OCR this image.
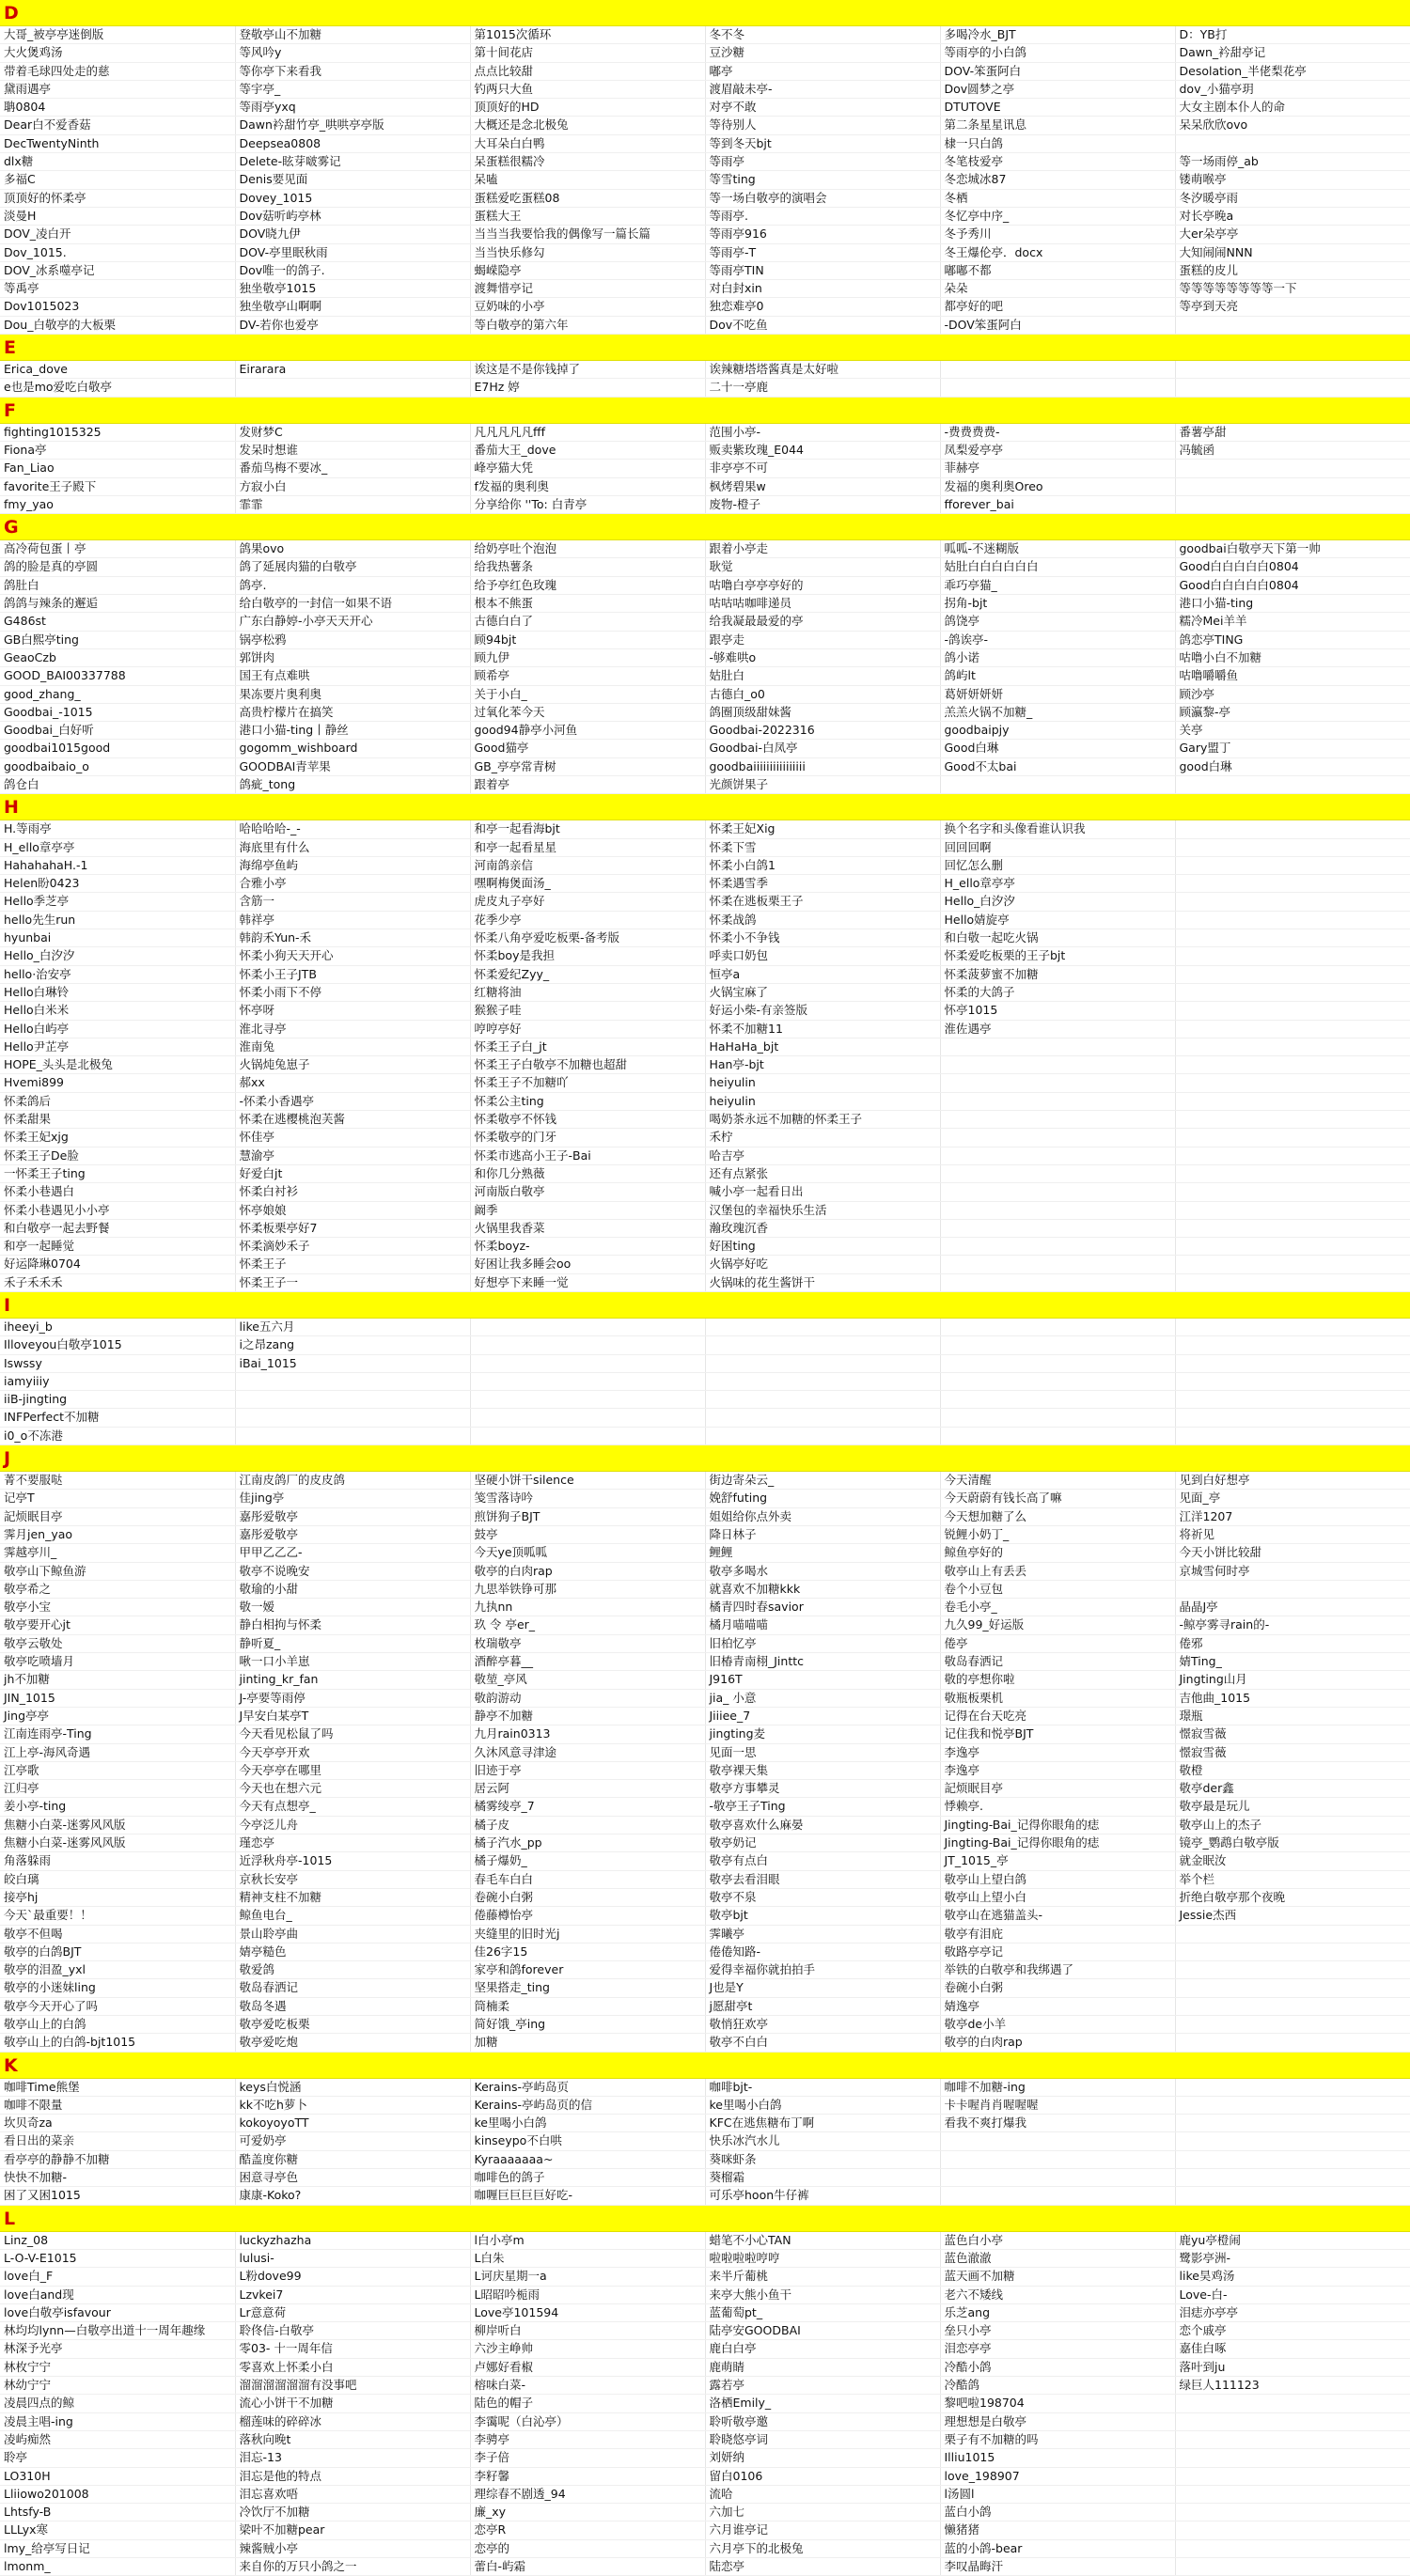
D
大哥_被亭亭迷倒版	登敬亭山不加糖	第1015次循环	冬不冬	多喝冷水_BJT	D：YB打
大火煲鸡汤	等风吟y	第十间花店	豆沙糖	等雨亭的小白鸽	Dawn_衿甜亭记
带着毛球四处走的慈	等你亭下来看我	点点比较甜	嘟亭	DOV-笨蛋阿白	Desolation_半佬梨花亭
黛雨遇亭	等宇亭_	钓两只大鱼	渡眉敲未亭-	Dov圆梦之亭	dov_小猫亭玥
聃0804	等雨亭yxq	顶顶好的HD	对亭不敢	DTUTOVE	大女主剧本仆人的命
Dear白不爱香菇	Dawn衿甜竹亭_哄哄亭亭版	大概还是念北极兔	等待别人	第二条星星讯息	呆呆欣欣ovo
DecTwentyNinth	Deepsea0808	大耳朵白白鸭	等到冬天bjt	棣一只白鸽	
dlx糖	Delete-眩芽啵雾记	呆蛋糕很糯冷	等雨亭	冬笔枝爱亭	等一场雨停_ab
多福C	Denis要见面	呆嗑	等雪ting	冬恋城冰87	镂萌喉亭
顶顶好的怀柔亭	Dovey_1015	蛋糕爱吃蛋糕08	等一场白敬亭的演唱会	冬栖	冬汐暖亭雨
淡曼H	Dov菇听屿亭林	蛋糕大王	等雨亭.	冬忆亭中序_	对长亭晚a
DOV_凌白开	DOV晓九伊	当当当我要恰我的偶像写一篇长篇	等雨亭916	冬予秀川	大er朵亭亭
Dov_1015.	DOV-亭里眠秋雨	当当快乐修勾	等雨亭-T	冬王爆伦亭．docx	大知闹闹NNN
DOV_冰系噬亭记	Dov唯一的鸽子.	蝎嵘隐亭	等雨亭TIN	嘟嘟不都	蛋糕的皮儿
等禹亭	独坐敬亭1015	渡舞惜亭记	对白封xin	朵朵	等等等等等等等等一下
Dov1015023	独坐敬亭山啊啊	豆奶味的小亭	独恋难亭0	都亭好的吧	等亭到天亮
Dou_白敬亭的大板栗	DV-若你也爱亭	等白敬亭的第六年	Dov不吃鱼	-DOV笨蛋阿白	
E
Erica_dove	Eirarara	诶这是不是你钱掉了	诶辣糖塔塔酱真是太好啦		
e也是mo爱吃白敬亭		E7Hz 婷	二十一亭鹿		
F
fighting1015325	发财梦C	凡凡凡凡凡fff	范围小亭-	-费费费费-	番薯亭甜
Fiona亭	发呆时想谁	番茄大王_dove	贩卖紫玫瑰_E044	凤梨爱亭亭	冯毓函
Fan_Liao	番茄鸟梅不要冰_	峰亭猫大凭	非亭亭不可	菲赫亭	
favorite王子殿下	方寂小白	f发福的奥利奥	枫烤碧果w	发福的奥利奥Oreo	
fmy_yao	霏霏	分享给你 ''To: 白青亭	废物-橙子	fforever_bai	
G
高冷荷包蛋丨亭	鸽果ovo	给奶亭吐个泡泡	跟着小亭走	呱呱-不迷糊版	goodbai白敬亭天下第一帅
鸽的脸是真的亭圆	鸽了延展肉猫的白敬亭	给我热薯条	耿觉	姑肚白白白白白白	Good白白白白白0804
鸽肚白	鸽亭.	给予亭红色玫瑰	咕噜白亭亭亭好的	乖巧亭猫_	Good白白白白白0804
鸽鸽与辣条的邂逅	给白敬亭的一封信一如果不语	根本不熊蛋	咕咕咕咖啡递员	拐角-bjt	港口小猫-ting
G486st	广东白静婷-小亭天天开心	古德白白了	给我凝最最爱的亭	鸽饶亭	糯冷Mei羊羊
GB白熙亭ting	锅亭松鸦	顾94bjt	跟亭走	-鸽诶亭-	鸽恋亭TING
GeaoCzb	郭饼肉	顾九伊	-够难哄o	鸽小诺	咕噜小白不加糖
GOOD_BAI00337788	国王有点难哄	顾希亭	姑肚白	鸽屿lt	咕噜嚼嚼鱼
good_zhang_	果冻要片奥利奥	关于小白_	古德白_o0	葛妍妍妍妍	顾沙亭
Goodbai_-1015	高贵柠檬片在搞笑	过氧化苯今天	鸽圈顶级甜妹酱	羔羔火锅不加糖_	顾瀛黎-亭
Goodbai_白好听	港口小猫-ting丨静丝	good94静亭小河鱼	Goodbai-2022316	goodbaipjy	关亭
goodbai1015good	gogomm_wishboard	Good猫亭	Goodbai-白凤亭	Good白琳	Gary盟丁
goodbaibaio_o	GOODBAI青苹果	GB_亭亭常青树	goodbaiiiiiiiiiiiiiiii	Good不太bai	good白琳
鸽仓白	鸽疵_tong	跟着亭	光颜饼果子		
H
H.等雨亭	哈哈哈哈-_-	和亭一起看海bjt	怀柔王妃Xig	换个名字和头像看谁认识我	
H_ello章亭亭	海底里有什么	和亭一起看星星	怀柔下雪	回回回啊	
HahahahaH.-1	海绵亭鱼屿	河南鸽亲信	怀柔小白鸽1	回忆怎么删	
Helen盼0423	合雅小亭	嘿啊梅煲面汤_	怀柔遇雪季	H_ello章亭亭	
Hello季芝亭	含筋一	虎皮丸子亭好	怀柔在逃板栗王子	Hello_白汐汐	
hello先生run	韩祥亭	花季少亭	怀柔战鸽	Hello婧旋亭	
hyunbai	韩韵禾Yun-禾	怀柔八角亭爱吃板栗-备考版	怀柔小不争钱	和白敬一起吃火锅	
Hello_白汐汐	怀柔小狗天天开心	怀柔boy是我担	呼卖口奶包	怀柔爱吃板栗的王子bjt	
hello·治安亭	怀柔小王子JTB	怀柔爱纪Zyy_	恒亭a	怀柔菠萝蜜不加糖	
Hello白琳铃	怀柔小雨下不停	红糖将油	火锅宝麻了	怀柔的大鸽子	
Hello白米米	怀亭呀	猴猴子哇	好运小柴-有亲签版	怀亭1015	
Hello白屿亭	淮北寻亭	哼哼亭好	怀柔不加糖11	淮佐遇亭	
Hello尹芷亭	淮南兔	怀柔王子白_jt	HaHaHa_bjt		
HOPE_头头是北极兔	火锅炖兔崽子	怀柔王子白敬亭不加糖也超甜	Han亭-bjt		
Hvemi899	郝xx	怀柔王子不加糖吖	heiyulin		
怀柔鸽后	-怀柔小香遇亭	怀柔公主ting	heiyulin		
怀柔甜果	怀柔在逃樱桃泡芙酱	怀柔敬亭不怀钱	喝奶茶永远不加糖的怀柔王子		
怀柔王妃xjg	怀佳亭	怀柔敬亭的门牙	禾柠		
怀柔王子De脸	慧渝亭	怀柔市逃高小王子-Bai	哈吉亭		
一怀柔王子ting	好爱白jt	和你几分熟薇	还有点紧张		
怀柔小巷遇白	怀柔白衬衫	河南版白敬亭	喊小亭一起看日出		
怀柔小巷遇见小小亭	怀亭娘娘	阚季	汉堡包的幸福快乐生活		
和白敬亭一起去野餐	怀柔板栗亭好7	火锅里我香菜	瀚玫瑰沉香		
和亭一起睡觉	怀柔滴妙禾子	怀柔boyz-	好困ting		
好运降琳0704	怀柔王子	好困让我多睡会oo	火锅亭好吃		
禾子禾禾禾	怀柔王子一	好想亭下来睡一觉	火锅味的花生酱饼干		
I
iheeyi_b	like五六月				
Illoveyou白敬亭1015	i之昂zang				
Iswssy	iBai_1015				
iamyiiiy					
iiB-jingting					
INFPerfect不加糖					
i0_o不冻港					
J
菁不要服哒	江南皮鸽厂的皮皮鸽	坚硬小饼干silence	街边寄朵云_	今天清醒	见到白好想亭
记亭T	佳jing亭	笺雪落诗吟	娩舒futing	今天蔚蔚有钱长高了嘛	见面_亭
記烦眠目亭	嘉彤爱敬亭	煎饼狗子BJT	姐姐给你点外卖	今天想加糖了么	江洋1207
霁月jen_yao	嘉彤爱敬亭	鼓亭	降日林子	锐鲤小奶丁_	将祈见
霁越亭川_	甲甲乙乙乙-	今天ye顶呱呱	鲤鲤	鲸鱼亭好的	今天小饼比较甜
敬亭山下鲸鱼游	敬亭不说晚安	敬亭的白肉rap	敬亭多喝水	敬亭山上有丢丢	京城雪何时亭
敬亭希之	敬瑜的小甜	九思举铁铮可那	就喜欢不加糖kkk	卷个小豆包	
敬亭小宝	敬一嫒	九执nn	橘青四时春savior	卷毛小亭_	晶晶J亭
敬亭要开心jt	静白相拘与怀柔	玖 令 亭er_	橘月喵喵喵	九久99_好运版	-鲸亭雾寻rain的-
敬亭云敬处	静听夏_	枚瑞敬亭	旧柏忆亭	倦亭	倦邪
敬亭吃喷墙月	啾一口小羊崽	酒醉亭暮__	旧椿青南栩_Jinttc	敬岛春洒记	婧Ting_
jh不加糖	jinting_kr_fan	敬堃_亭风	J916T	敬的亭想你啦	Jingting山月
JIN_1015	J-亭要等雨停	敬韵游动	jia_ 小意	敬瓶板栗机	吉他曲_1015
Jing亭亭	J早安白某亭T	静亭不加糖	Jiiiee_7	记得在台天吃亮	璟瓶
江南连雨亭-Ting	今天看见松鼠了吗	九月rain0313	jingting麦	记住我和悦亭BJT	憬寂雪薇
江上亭-海风奇遇	今天亭亭开欢	久沐风意寻津途	见面一思	李逸亭	憬寂雪薇
江亭歌	今天亭亭在哪里	旧迹于亭	敬亭裸天集	李逸亭	敬橙
江归亭	今天也在想六元	居云阿	敬亭方事攀灵	記烦眠目亭	敬亭der鑫
姜小亭-ting	今天有点想亭_	橘雾绫亭_7	-敬亭王子Ting	悸赖亭.	敬亭最是玩儿
焦糖小白菜-迷雾风风版	今亭泛儿舟	橘子皮	敬亭喜欢什么麻晏	Jingting-Bai_记得你眼角的痣	敬亭山上的杰子
焦糖小白菜-迷雾风风版	瑾恋亭	橘子汽水_pp	敬亭奶记	Jingting-Bai_记得你眼角的痣	镜亭_鹦鹉白敬亭版
角落躲雨	近浮秋舟亭-1015	橘子爆奶_	敬亭有点白	JT_1015_亭	就金眠汝
皎白璃	京秋长安亭	春毛车白白	敬亭去看泪眼	敬亭山上望白鸽	举个栏
接亭hj	精神支柱不加糖	卷碗小白粥	敬亭不泉	敬亭山上望小白	折绝白敬亭那个夜晚
今天`最重要！！	鲸鱼电台_	倦藤樽怡亭	敬亭bjt	敬亭山在逃猫盖头-	Jessie杰西
敬亭不但喝	景山聆亭曲	夹缝里的旧时光j	霁曦亭	敬亭有泪庇	
敬亭的白鸽BJT	婧亭糙色	佳26字15	倦倦知路-	敬路亭亭记	
敬亭的泪盈_yxl	敬爱鸽	家亭和鸽forever	爱得幸福你就拍拍手	举铁的白敬亭和我绑遇了	
敬亭的小迷妹ling	敬岛春洒记	坚果搭走_ting	J也是Y	卷碗小白粥	
敬亭今天开心了吗	敬岛冬遇	筒楠柔	j愿甜亭t	婧逸亭	
敬亭山上的白鸽	敬亭爱吃板栗	简好饿_亭ing	敬悄狂欢亭	敬亭de小羊	
敬亭山上的白鸽-bjt1015	敬亭爱吃炮	加糖	敬亭不白白	敬亭的白肉rap	
K
咖啡Time熊堡	keys白悦涵	Kerains-亭屿岛页	咖啡bjt-	咖啡不加糖-ing	
咖啡不限量	kk不吃h萝卜	Kerains-亭屿岛页的信	ke里喝小白鸽	卡卡喔肖肖喔喔喔	
坎贝奇za	kokoyoyoTT	ke里喝小白鸽	KFC在逃焦糖布丁啊	看我不爽打爆我	
看日出的菜亲	可爱奶亭	kinseypo不白哄	快乐冰汽水儿		
看亭亭的静静不加糖	酷盖度你糖	Kyraaaaaaa~	葵咪虾条		
快快不加糖-	困意寻亭色	咖啡色的鸽子	葵榴霜		
困了又困1015	康康-Koko?	咖喱巨巨巨巨好吃-	可乐亭hoon牛仔裤		
L
Linz_08	luckyzhazha	l白小亭m	蜡笔不小心TAN	蓝色白小亭	鹿yu亭橙闹
L-O-V-E1015	lulusi-	L白朱	啦啦啦啦哼哼	蓝色澈澈	鹭影亭洲-
love白_F	L粉dove99	L诃庆星期一a	来半斤葡桃	蓝天画不加糖	like昊鸡汤
love白and现	Lzvkei7	L昭昭吟栀雨	来亭大熊小鱼干	老六不矮线	Love-白-
love白敬亭isfavour	Lr意意荷	Love亭101594	蓝葡萄pt_	乐芝ang	泪痣亦亭亭
林均均lynn—白敬亭出道十一周年趣缘	聆佟信-白敬亭	柳岸听白	陆亭安GOODBAI	垒只小亭	恋个戚亭
林深予光亭	零03- 十一周年信	六沙主峥帅	鹿白白亭	泪恋亭亭	嘉佳白啄
林枚宁宁	零喜欢上怀柔小白	卢娜好看椒	鹿萌睛	冷酷小鸽	落叶到ju
林幼宁宁	溜溜溜溜溜溜有没事吧	榕味白菜-	露若亭	冷酷鸽	绿巨人111123
凌晨四点的鲸	流心小饼干不加糖	陆色的帽子	洛栖Emily_	黎吧啦198704	
凌晨主唱-ing	榴莲味的碎碎冰	李霭呢（白沁亭）	聆听敬亭邀	理想想是白敬亭	
凌屿痴然	落秋向晚t	李骋亭	聆晓悠亭词	栗子有不加糖的吗	
聆亭	泪忘-13	李子倍	刘妍纳	Illiu1015	
LO310H	泪忘是他的特点	李籽馨	留白0106	love_198907	
Lliiowo201008	泪忘喜欢唔	理综春不剧透_94	流哈	l汤圆l	
Lhtsfy-B	冷饮厅不加糖	廉_xy	六加七	蓝白小鸽	
LLLyx寒	梁叶不加糖pear	恋亭R	六月谁亭记	懒猪猪	
lmy_给亭写日记	辣酱贼小亭	恋亭的	六月亭下的北极兔	蓝的小鸽-bear	
lmonm_	来自你的万只小鸽之一	蕾白-屿霜	陆恋亭	李叹晶晦汗	
